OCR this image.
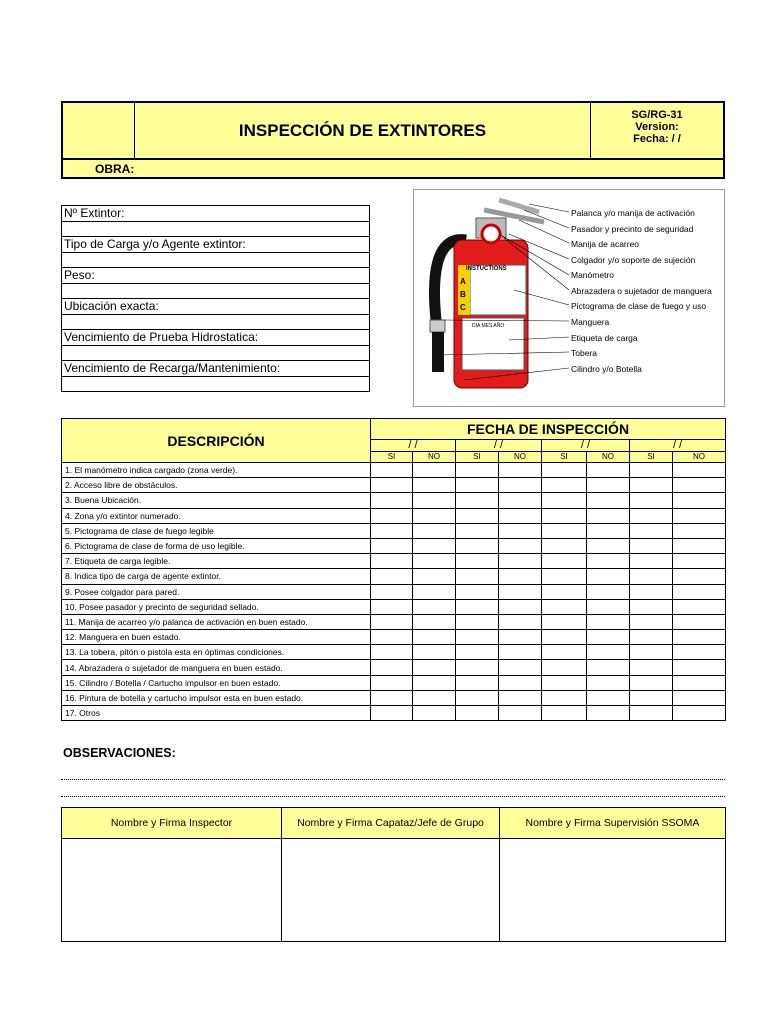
INSPECCIÓN DE EXTINTORES
SG/RG-31
Version:
Fecha: / /
OBRA:
Nº Extintor:

Tipo de Carga y/o Agente extintor:

Peso:

Ubicación exacta:

Vencimiento de Prueba Hidrostatica:

Vencimiento de Recarga/Mantenimiento:

INSTUCTIONS
A
B
C
DIA MES AÑO
Palanca y/o manija de activación
Pasador y precinto de seguridad
Manija de acarreo
Colgador y/o soporte de sujeción
Manómetro
Abrazadera o sujetador de manguera
Pictograma de clase de fuego y uso
Manguera
Etiqueta de carga
Tobera
Cilindro y/o Botella
DESCRIPCIÓN	FECHA DE INSPECCIÓN							
	/ /		/ /		/ /		/ /	
	SI	NO	SI	NO	SI	NO	SI	NO
1. El manómetro indica cargado (zona verde).								
2. Acceso libre de obstáculos.								
3. Buena Ubicación.								
4. Zona y/o extintor numerado.								
5. Pictograma de clase de fuego legible								
6. Pictograma de clase de forma de uso legible.								
7. Etiqueta de carga legible.								
8. Indica tipo de carga de agente extintor.								
9. Posee colgador para pared.								
10. Posee pasador y precinto de seguridad sellado.								
11. Manija de acarreo y/o palanca de activación en buen estado.								
12. Manguera en buen estado.								
13. La tobera, pitón o pistola esta en óptimas condiciones.								
14. Abrazadera o sujetador de manguera en buen estado.								
15. Cilindro / Botella / Cartucho impulsor en buen estado.								
16. Pintura de botella y cartucho impulsor esta en buen estado.								
17. Otros								
OBSERVACIONES:
Nombre y Firma Inspector	Nombre y Firma Capataz/Jefe de Grupo	Nombre y Firma Supervisión SSOMA
